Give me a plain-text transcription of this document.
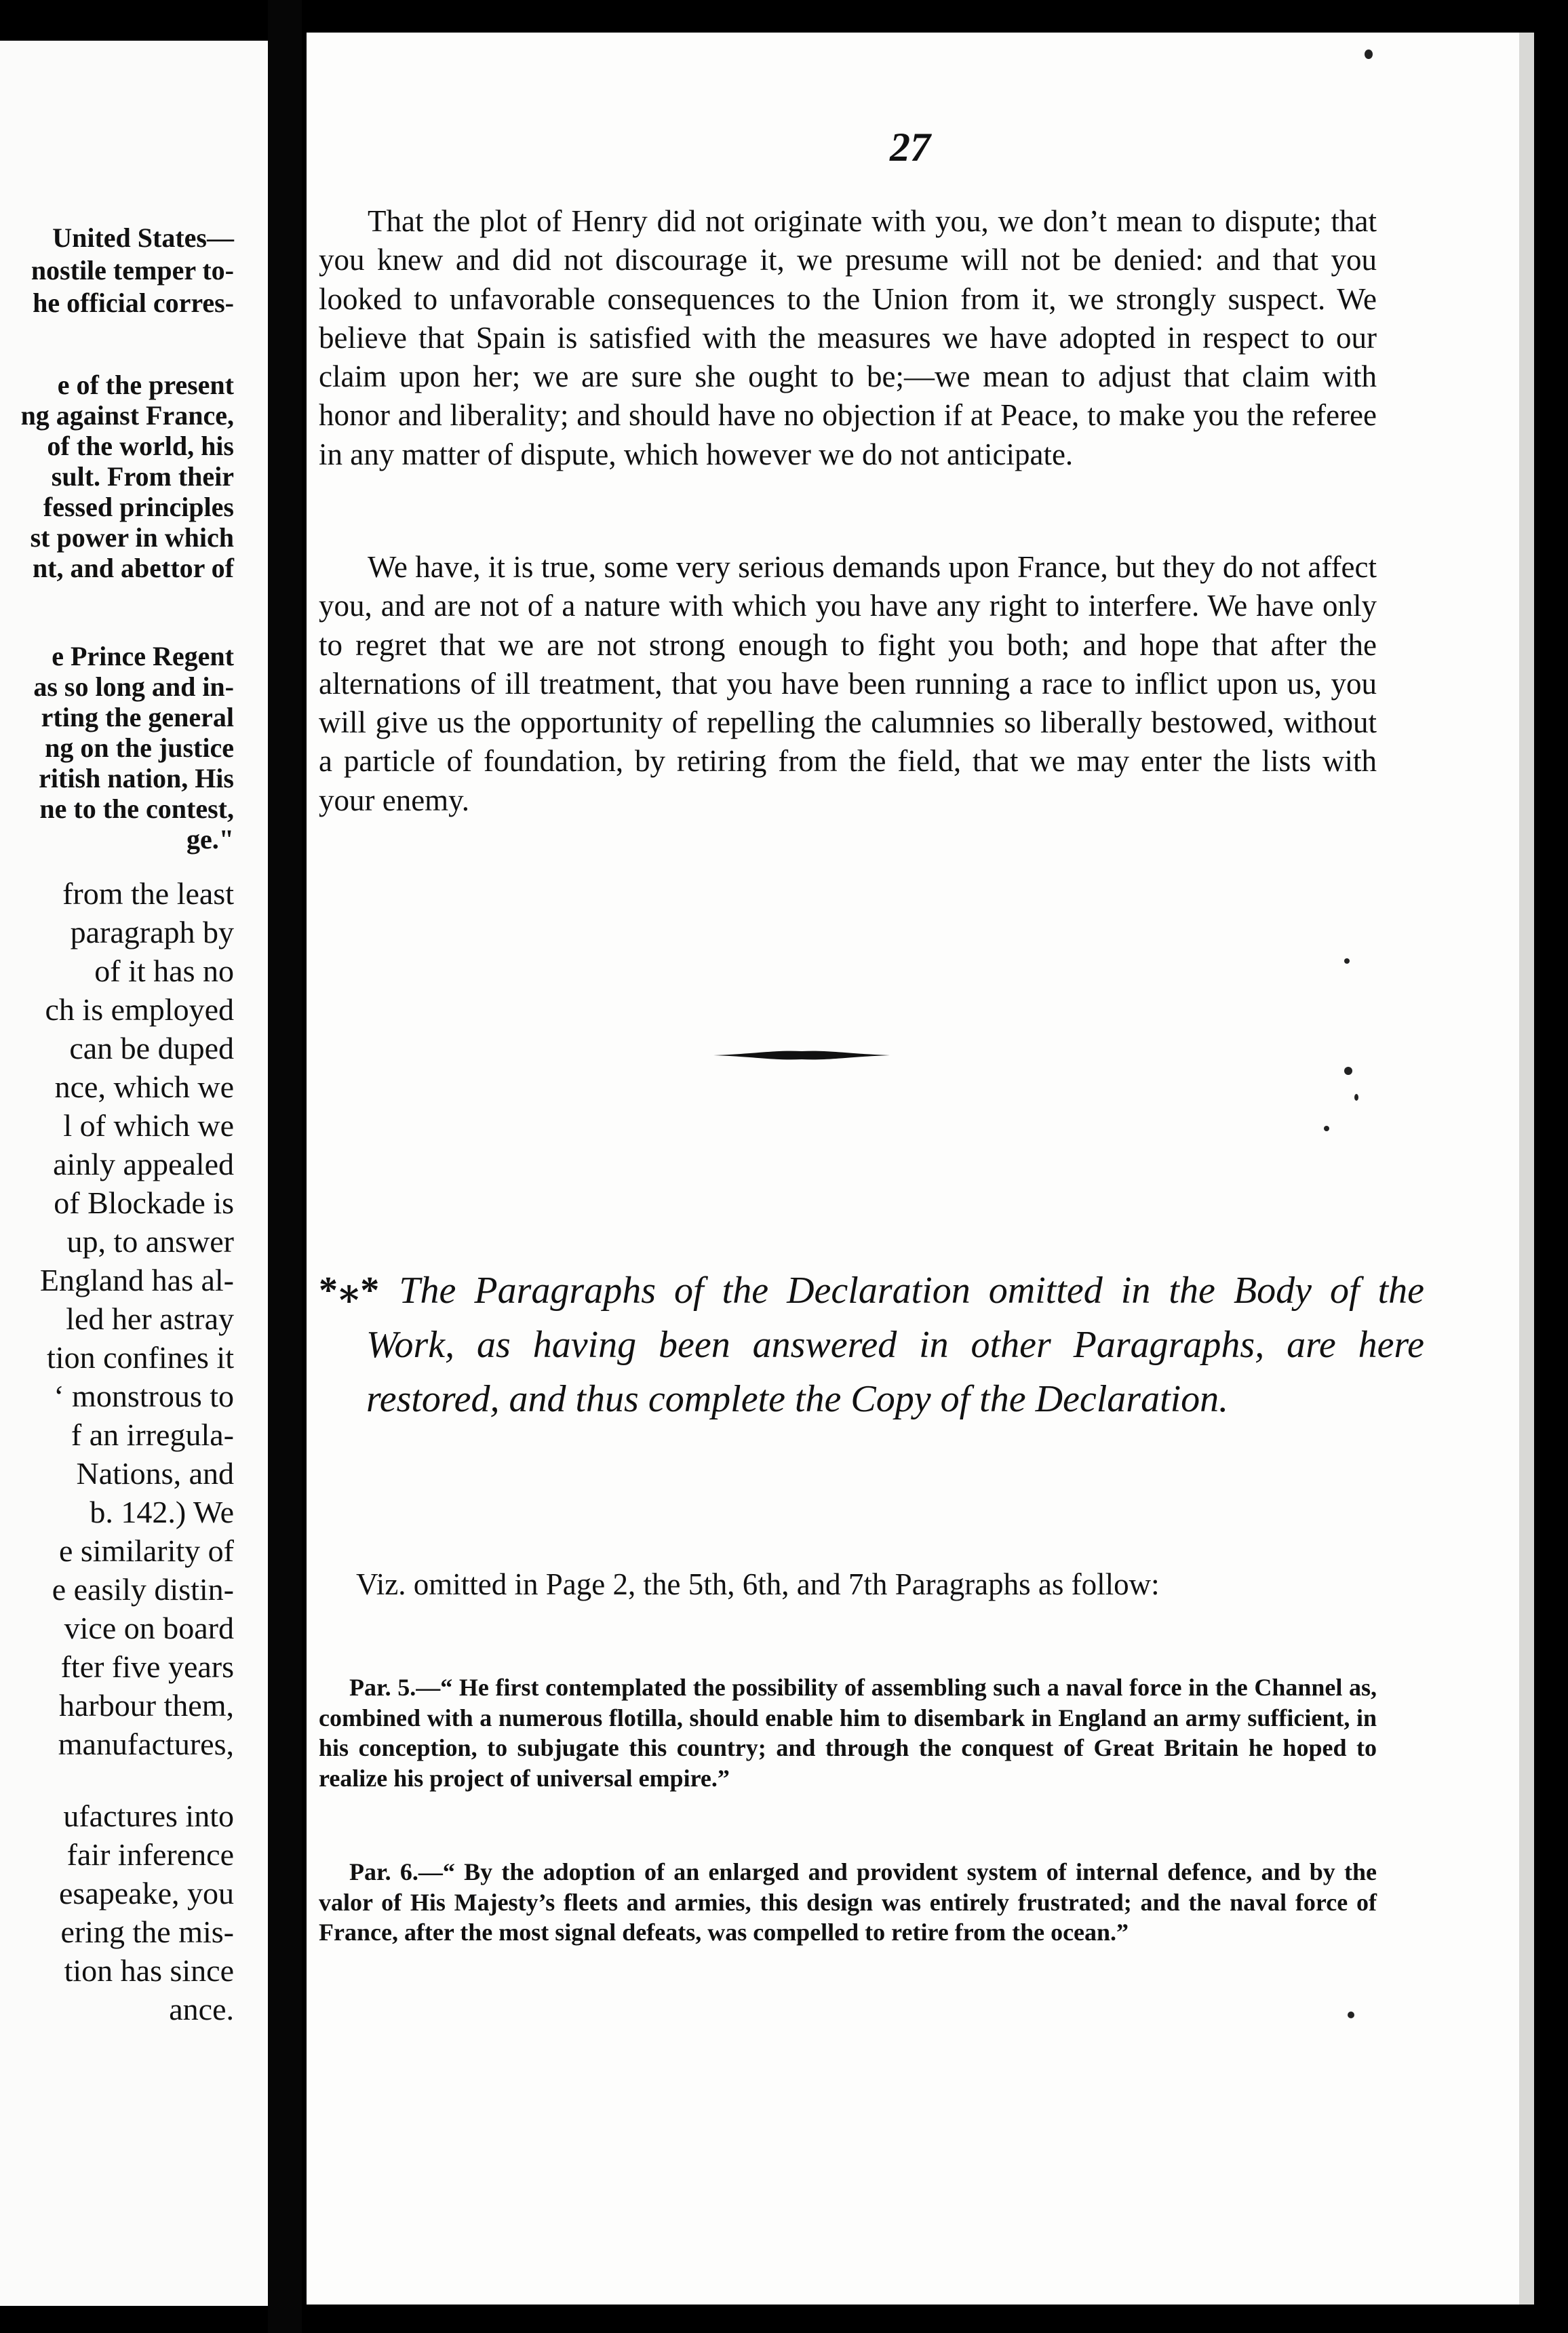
United States—
nostile temper to-
he official corres-
e of the present
ng against France,
of the world, his
sult. From their
fessed principles
st power in which
nt, and abettor of
e Prince Regent
as so long and in-
rting the general
ng on the justice
ritish nation, His
ne to the contest,
ge."
from the least
paragraph by
of it has no
ch is employed
can be duped
nce, which we
l of which we
ainly appealed
of Blockade is
up, to answer
England has al-
led her astray
tion confines it
‘ monstrous to
f an irregula-
Nations, and
b. 142.) We
e similarity of
e easily distin-
vice on board
fter five years
harbour them,
manufactures,
ufactures into
fair inference
esapeake, you
ering the mis-
tion has since
ance.
27

That the plot of Henry did not originate with you, we don’t mean to dispute; that you knew and did not discourage it, we presume will not be denied: and that you looked to unfavorable consequences to the Union from it, we strongly suspect. We believe that Spain is satisfied with the measures we have adopted in respect to our claim upon her; we are sure she ought to be;—we mean to adjust that claim with honor and liberality; and should have no objection if at Peace, to make you the referee in any matter of dispute, which however we do not anticipate.

We have, it is true, some very serious demands upon France, but they do not affect you, and are not of a nature with which you have any right to interfere. We have only to regret that we are not strong enough to fight you both; and hope that after the alternations of ill treatment, that you have been running a race to inflict upon us, you will give us the opportunity of repelling the calumnies so liberally bestowed, without a particle of foundation, by retiring from the field, that we may enter the lists with your enemy.

*⁎* The Paragraphs of the Declaration omitted in the Body of the Work, as having been answered in other Paragraphs, are here restored, and thus complete the Copy of the Declaration.

Viz. omitted in Page 2, the 5th, 6th, and 7th Paragraphs as follow:

Par. 5.—“ He first contemplated the possibility of assembling such a naval force in the Channel as, combined with a numerous flotilla, should enable him to disembark in England an army sufficient, in his conception, to subjugate this country; and through the conquest of Great Britain he hoped to realize his project of universal empire.”

Par. 6.—“ By the adoption of an enlarged and provident system of internal defence, and by the valor of His Majesty’s fleets and armies, this design was entirely frustrated; and the naval force of France, after the most signal defeats, was compelled to retire from the ocean.”
